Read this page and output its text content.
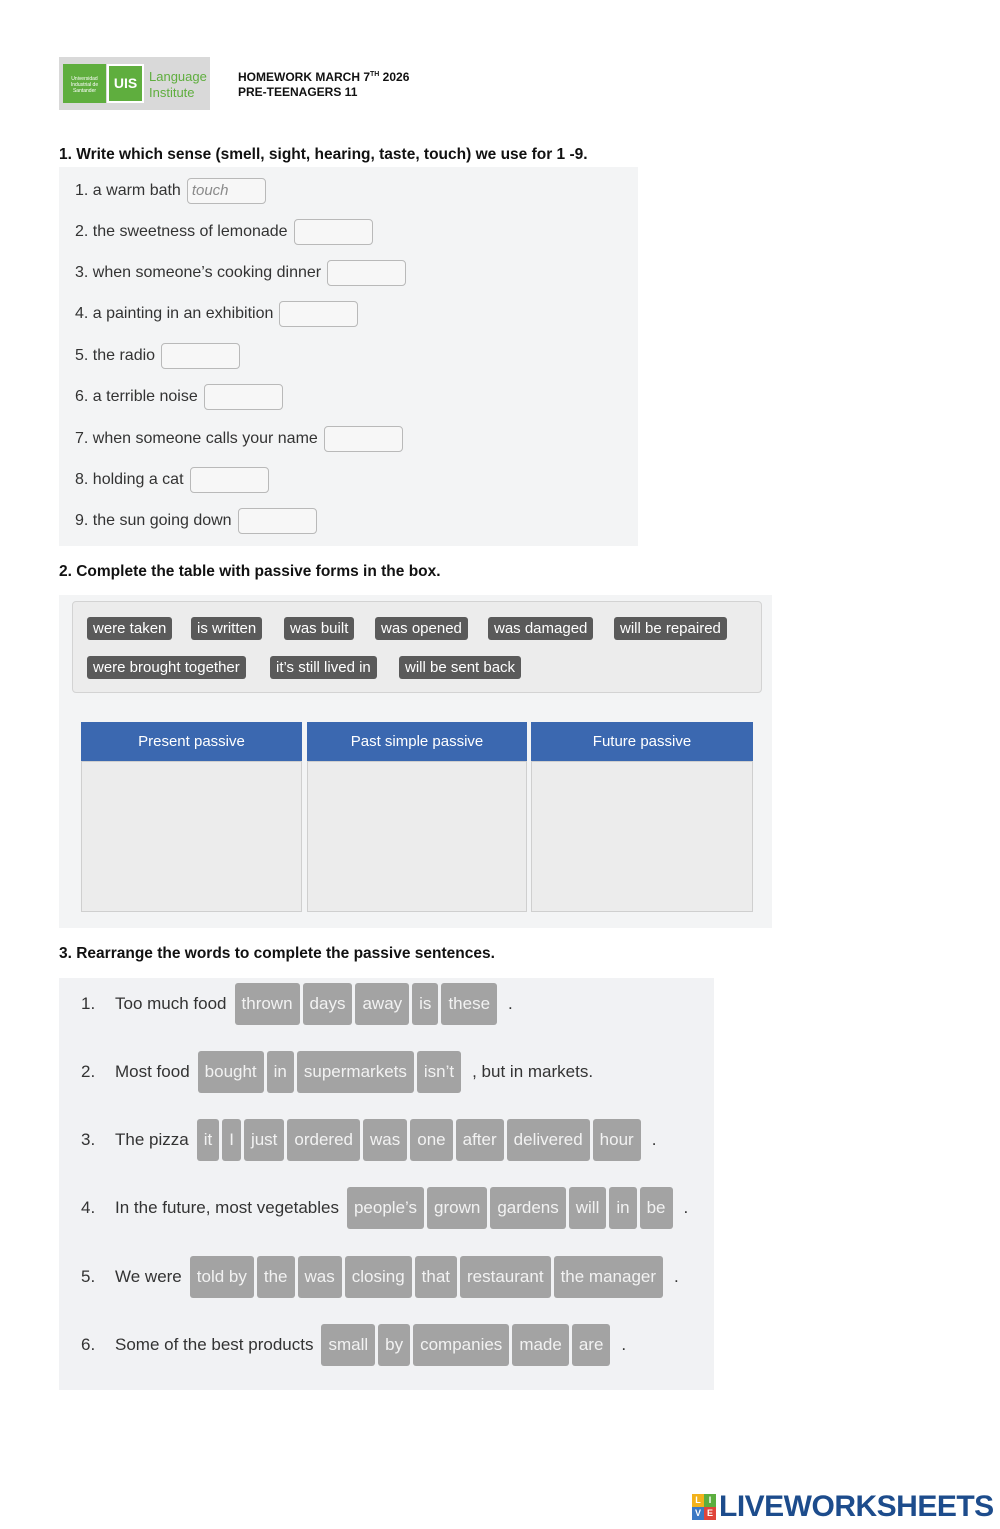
Universidad Industrial de Santander	UIS Language
Institute
HOMEWORK MARCH 7TH 2026
PRE-TEENAGERS 11
1. Write which sense (smell, sight, hearing, taste, touch) we use for 1 -9.
1. a warm bath touch
2. the sweetness of lemonade
3. when someone’s cooking dinner
4. a painting in an exhibition
5. the radio
6. a terrible noise
7. when someone calls your name
8. holding a cat
9. the sun going down
2. Complete the table with passive forms in the box.
were taken	is written	was built	was opened	was damaged	will be repaired
were brought together	it’s still lived in	will be sent back
Present passive	Past simple passive	Future passive
3. Rearrange the words to complete the passive sentences.
1.	Too much food thrown	days	away	is	these	.
2.	Most food bought	in	supermarkets	isn’t	, but in markets.
3.	The pizza it	I	just	ordered	was	one	after	delivered	hour	.
4.	In the future, most vegetables people’s	grown	gardens	will	in	be	.
5.	We were told by	the	was	closing	that	restaurant	the manager	.
6.	Some of the best products small	by	companies	made	are	.
L I
V E LIVEWORKSHEETS
